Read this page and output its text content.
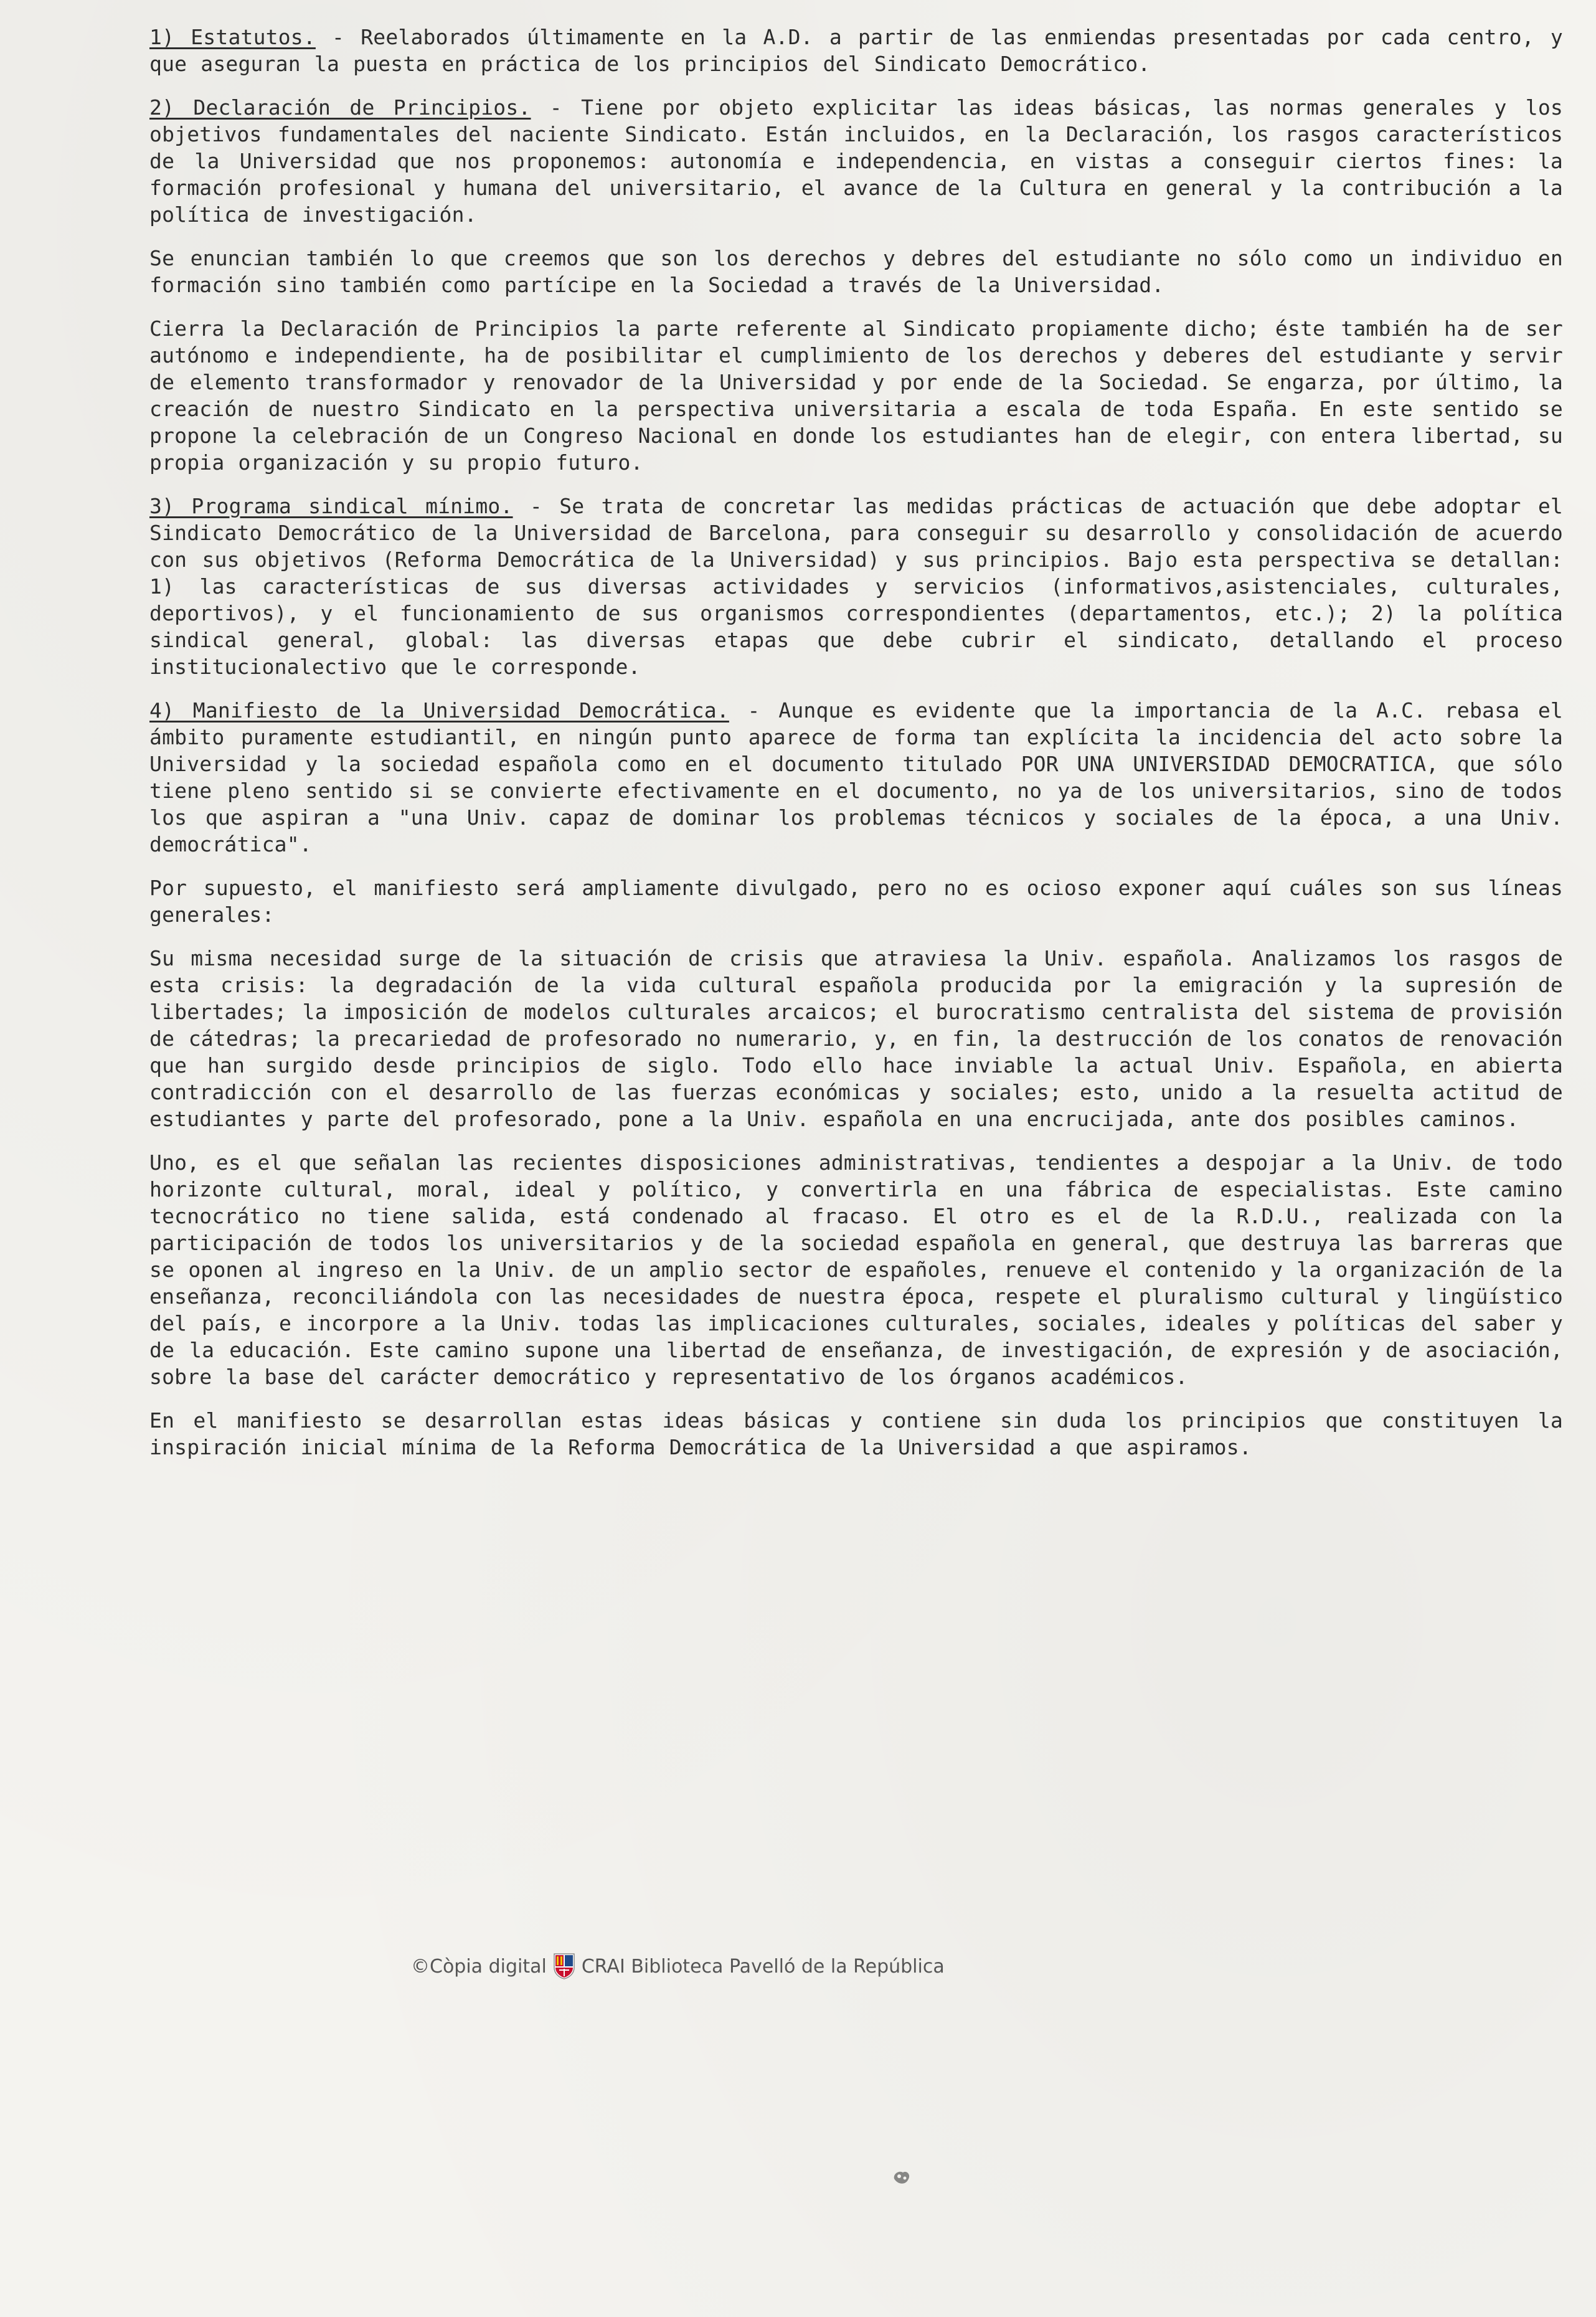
1) Estatutos. - Reelaborados últimamente en la A.D. a partir de las enmiendas presentadas por cada centro, y que aseguran la puesta en práctica de los principios del Sindicato Democrático.

2) Declaración de Principios. - Tiene por objeto explicitar las ideas básicas, las normas generales y los objetivos fundamentales del naciente Sindicato. Están incluidos, en la Declaración, los rasgos característicos de la Universidad que nos proponemos: autonomía e independencia, en vistas a conseguir ciertos fines: la formación profesional y humana del universitario, el avance de la Cultura en general y la contribución a la política de investigación.

Se enuncian también lo que creemos que son los derechos y debres del estudiante no sólo como un individuo en formación sino también como partícipe en la Sociedad a través de la Universidad.

Cierra la Declaración de Principios la parte referente al Sindicato propiamente dicho; éste también ha de ser autónomo e independiente, ha de posibilitar el cumplimiento de los derechos y deberes del estudiante y servir de elemento transformador y renovador de la Universidad y por ende de la Sociedad. Se engarza, por último, la creación de nuestro Sindicato en la perspectiva universitaria a escala de toda España. En este sentido se propone la celebración de un Congreso Nacional en donde los estudiantes han de elegir, con entera libertad, su propia organización y su propio futuro.

3) Programa sindical mínimo. - Se trata de concretar las medidas prácticas de actuación que debe adoptar el Sindicato Democrático de la Universidad de Barcelona, para conseguir su desarrollo y consolidación de acuerdo con sus objetivos (Reforma Democrática de la Universidad) y sus principios. Bajo esta perspectiva se detallan: 1) las características de sus diversas actividades y servicios (informativos,asistenciales, culturales, deportivos), y el funcionamiento de sus organismos correspondientes (departamentos, etc.); 2) la política sindical general, global: las diversas etapas que debe cubrir el sindicato, detallando el proceso institucionalectivo que le corresponde.

4) Manifiesto de la Universidad Democrática. - Aunque es evidente que la importancia de la A.C. rebasa el ámbito puramente estudiantil, en ningún punto aparece de forma tan explícita la incidencia del acto sobre la Universidad y la sociedad española como en el documento titulado POR UNA UNIVERSIDAD DEMOCRATICA, que sólo tiene pleno sentido si se convierte efectivamente en el documento, no ya de los universitarios, sino de todos los que aspiran a "una Univ. capaz de dominar los problemas técnicos y sociales de la época, a una Univ. democrática".

Por supuesto, el manifiesto será ampliamente divulgado, pero no es ocioso exponer aquí cuáles son sus líneas generales:

Su misma necesidad surge de la situación de crisis que atraviesa la Univ. española. Analizamos los rasgos de esta crisis: la degradación de la vida cultural española producida por la emigración y la supresión de libertades; la imposición de modelos culturales arcaicos; el burocratismo centralista del sistema de provisión de cátedras; la precariedad de profesorado no numerario, y, en fin, la destrucción de los conatos de renovación que han surgido desde principios de siglo. Todo ello hace inviable la actual Univ. Española, en abierta contradicción con el desarrollo de las fuerzas económicas y sociales; esto, unido a la resuelta actitud de estudiantes y parte del profesorado, pone a la Univ. española en una encrucijada, ante dos posibles caminos.

Uno, es el que señalan las recientes disposiciones administrativas, tendientes a despojar a la Univ. de todo horizonte cultural, moral, ideal y político, y convertirla en una fábrica de especialistas. Este camino tecnocrático no tiene salida, está condenado al fracaso. El otro es el de la R.D.U., realizada con la participación de todos los universitarios y de la sociedad española en general, que destruya las barreras que se oponen al ingreso en la Univ. de un amplio sector de españoles, renueve el contenido y la organización de la enseñanza, reconciliándola con las necesidades de nuestra época, respete el pluralismo cultural y lingüístico del país, e incorpore a la Univ. todas las implicaciones culturales, sociales, ideales y políticas del saber y de la educación. Este camino supone una libertad de enseñanza, de investigación, de expresión y de asociación, sobre la base del carácter democrático y representativo de los órganos académicos.

En el manifiesto se desarrollan estas ideas básicas y contiene sin duda los principios que constituyen la inspiración inicial mínima de la Reforma Democrática de la Universidad a que aspiramos.

©Còpia digital CRAI Biblioteca Pavelló de la República
